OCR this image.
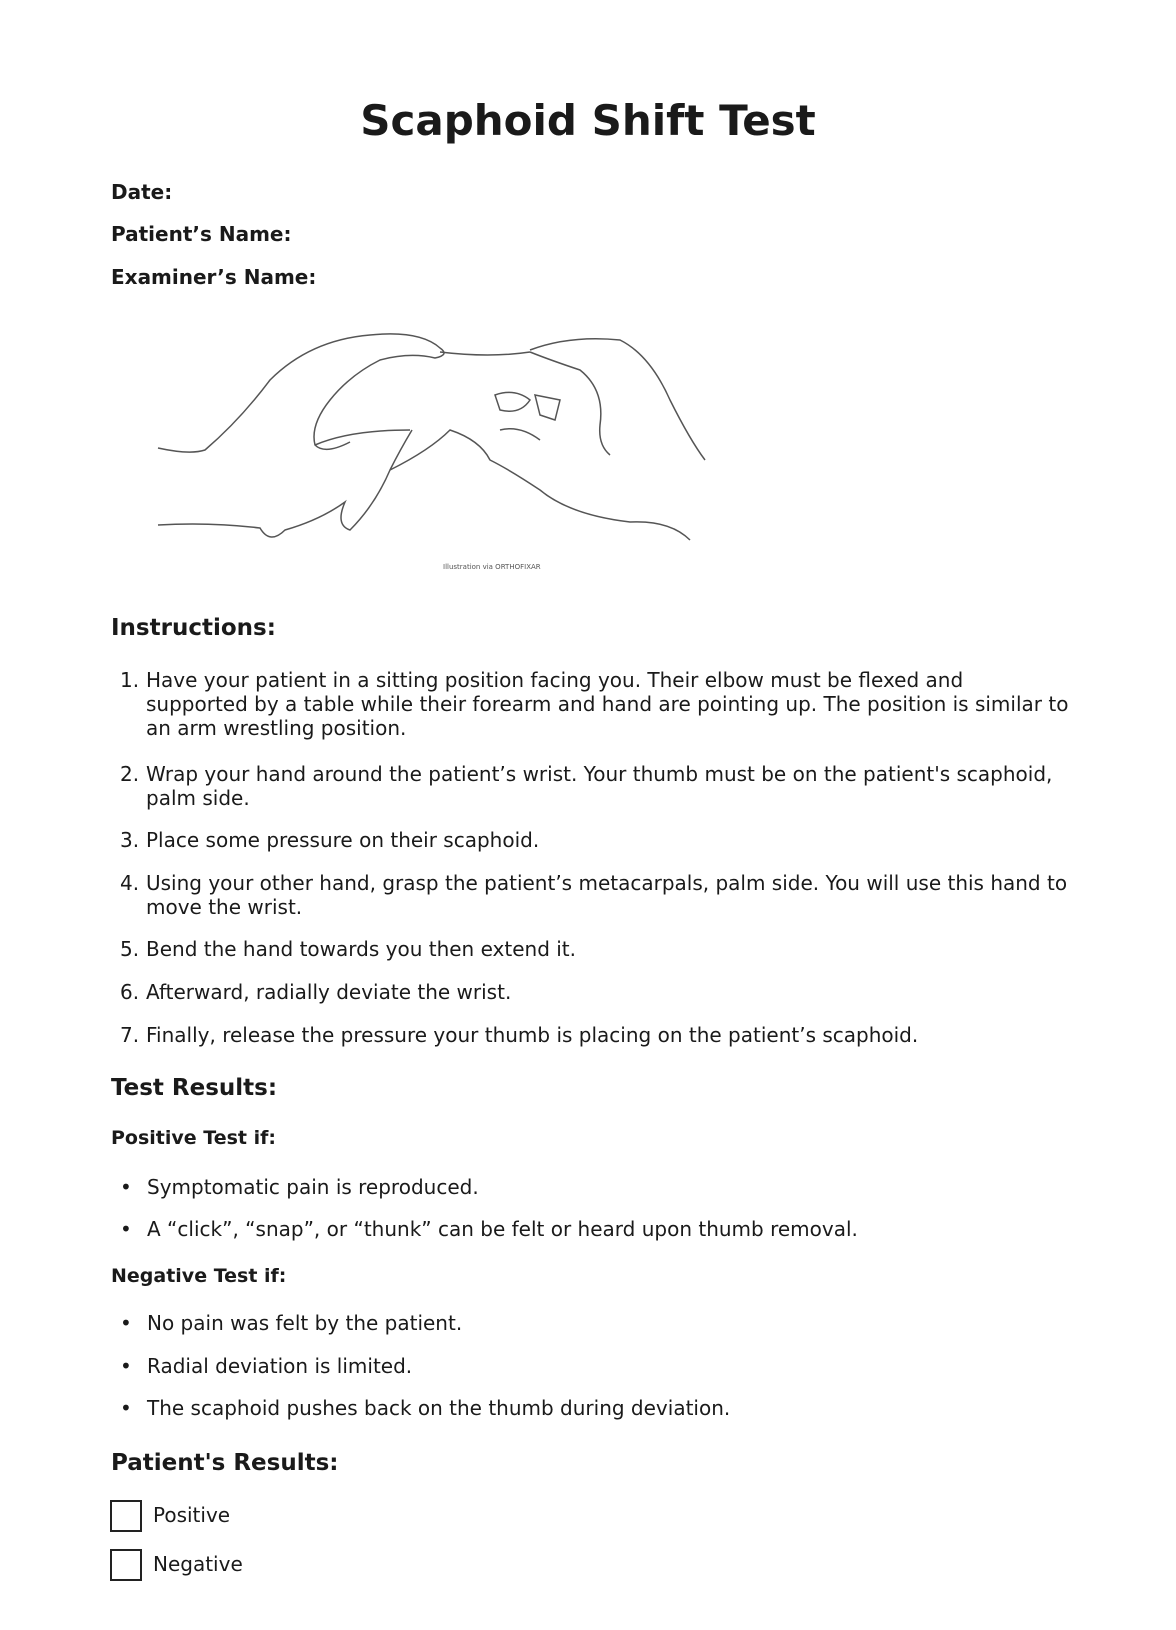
Scaphoid Shift Test
Date:
Patient’s Name:
Examiner’s Name:
Illustration via ORTHOFIXAR
Instructions:
1. Have your patient in a sitting position facing you. Their elbow must be flexed and supported by a table while their forearm and hand are pointing up. The position is similar to an arm wrestling position.
2. Wrap your hand around the patient’s wrist. Your thumb must be on the patient's scaphoid, palm side.
3. Place some pressure on their scaphoid.
4. Using your other hand, grasp the patient’s metacarpals, palm side. You will use this hand to move the wrist.
5. Bend the hand towards you then extend it.
6. Afterward, radially deviate the wrist.
7. Finally, release the pressure your thumb is placing on the patient’s scaphoid.
Test Results:
Positive Test if:
• Symptomatic pain is reproduced.
• A “click”, “snap”, or “thunk” can be felt or heard upon thumb removal.
Negative Test if:
• No pain was felt by the patient.
• Radial deviation is limited.
• The scaphoid pushes back on the thumb during deviation.
Patient's Results:
Positive
Negative
